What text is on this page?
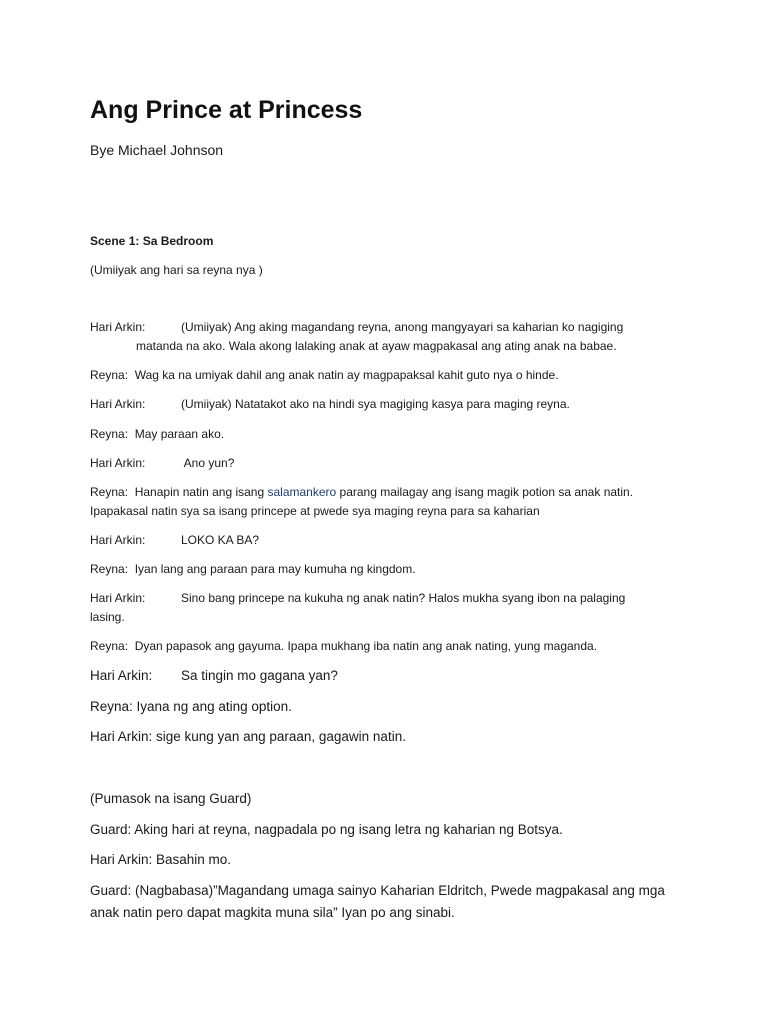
Ang Prince at Princess
Bye Michael Johnson
Scene 1: Sa Bedroom
(Umiiyak ang hari sa reyna nya )
Hari Arkin:	(Umiiyak) Ang aking magandang reyna, anong mangyayari sa kaharian ko nagiging
matanda na ako. Wala akong lalaking anak at ayaw magpakasal ang ating anak na babae.
Reyna: Wag ka na umiyak dahil ang anak natin ay magpapaksal kahit guto nya o hinde.
Hari Arkin:	(Umiiyak) Natatakot ako na hindi sya magiging kasya para maging reyna.
Reyna: May paraan ako.
Hari Arkin:	Ano yun?
Reyna: Hanapin natin ang isang salamankero parang mailagay ang isang magik potion sa anak natin.
Ipapakasal natin sya sa isang princepe at pwede sya maging reyna para sa kaharian
Hari Arkin:	LOKO KA BA?
Reyna: Iyan lang ang paraan para may kumuha ng kingdom.
Hari Arkin:	Sino bang princepe na kukuha ng anak natin? Halos mukha syang ibon na palaging
lasing.
Reyna: Dyan papasok ang gayuma. Ipapa mukhang iba natin ang anak nating, yung maganda.
Hari Arkin: Sa tingin mo gagana yan?
Reyna: Iyana ng ang ating option.
Hari Arkin: sige kung yan ang paraan, gagawin natin.
(Pumasok na isang Guard)
Guard: Aking hari at reyna, nagpadala po ng isang letra ng kaharian ng Botsya.
Hari Arkin: Basahin mo.
Guard: (Nagbabasa)”Magandang umaga sainyo Kaharian Eldritch, Pwede magpakasal ang mga
anak natin pero dapat magkita muna sila” Iyan po ang sinabi.
